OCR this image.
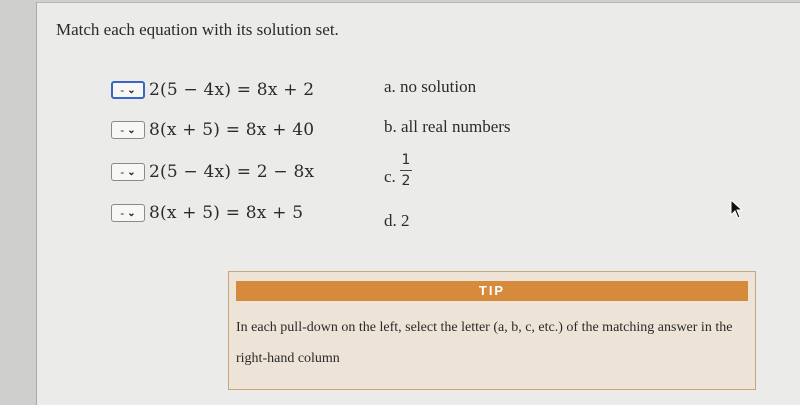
Match each equation with its solution set.
- ⌄ 2(5 − 4x) = 8x + 2
- ⌄ 8(x + 5) = 8x + 40
- ⌄ 2(5 − 4x) = 2 − 8x
- ⌄ 8(x + 5) = 8x + 5
a. no solution
b. all real numbers
c.
1
2
d. 2
TIP
In each pull-down on the left, select the letter (a, b, c, etc.) of the matching answer in the right-hand column
